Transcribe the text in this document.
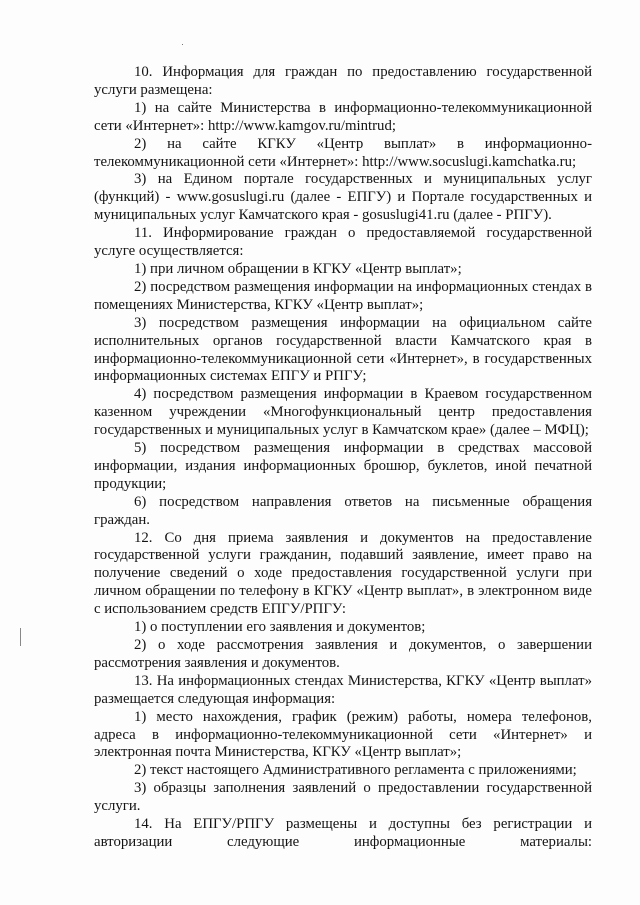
10. Информация для граждан по предоставлению государственной услуги размещена:

1) на сайте Министерства в информационно-телекоммуникационной сети «Интернет»: http://www.kamgov.ru/mintrud;

2) на сайте КГКУ «Центр выплат» в информационно-телекоммуникационной сети «Интернет»: http://www.socuslugi.kamchatka.ru;

3) на Едином портале государственных и муниципальных услуг (функций) - www.gosuslugi.ru (далее - ЕПГУ) и Портале государственных и муниципальных услуг Камчатского края - gosuslugi41.ru (далее - РПГУ).

11. Информирование граждан о предоставляемой государственной услуге осуществляется:

1) при личном обращении в КГКУ «Центр выплат»;

2) посредством размещения информации на информационных стендах в помещениях Министерства, КГКУ «Центр выплат»;

3) посредством размещения информации на официальном сайте исполнительных органов государственной власти Камчатского края в информационно-телекоммуникационной сети «Интернет», в государственных информационных системах ЕПГУ и РПГУ;

4) посредством размещения информации в Краевом государственном казенном учреждении «Многофункциональный центр предоставления государственных и муниципальных услуг в Камчатском крае» (далее – МФЦ);

5) посредством размещения информации в средствах массовой информации, издания информационных брошюр, буклетов, иной печатной продукции;

6) посредством направления ответов на письменные обращения граждан.

12. Со дня приема заявления и документов на предоставление государственной услуги гражданин, подавший заявление, имеет право на получение сведений о ходе предоставления государственной услуги при личном обращении по телефону в КГКУ «Центр выплат», в электронном виде с использованием средств ЕПГУ/РПГУ:

1) о поступлении его заявления и документов;

2) о ходе рассмотрения заявления и документов, о завершении рассмотрения заявления и документов.

13. На информационных стендах Министерства, КГКУ «Центр выплат» размещается следующая информация:

1) место нахождения, график (режим) работы, номера телефонов, адреса в информационно-телекоммуникационной сети «Интернет» и электронная почта Министерства, КГКУ «Центр выплат»;

2) текст настоящего Административного регламента с приложениями;

3) образцы заполнения заявлений о предоставлении государственной услуги.

14. На ЕПГУ/РПГУ размещены и доступны без регистрации и авторизации следующие информационные материалы:
